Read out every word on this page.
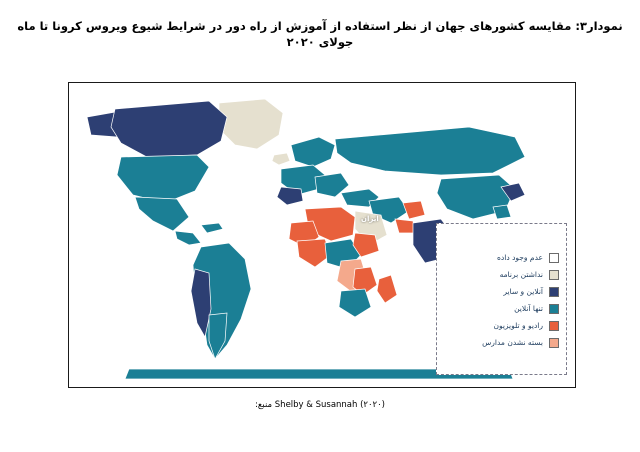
نمودار۳: مقایسه کشورهای جهان از نظر استفاده از آموزش از راه دور در شرایط شیوع ویروس کرونا تا ماه جولای ۲۰۲۰
ایران
عدم وجود داده
نداشتن برنامه
آنلاین و سایر
تنها آنلاین
رادیو و تلویزیون
بسته نشدن مدارس
Shelby & Susannah (۲۰۲۰) منبع:
